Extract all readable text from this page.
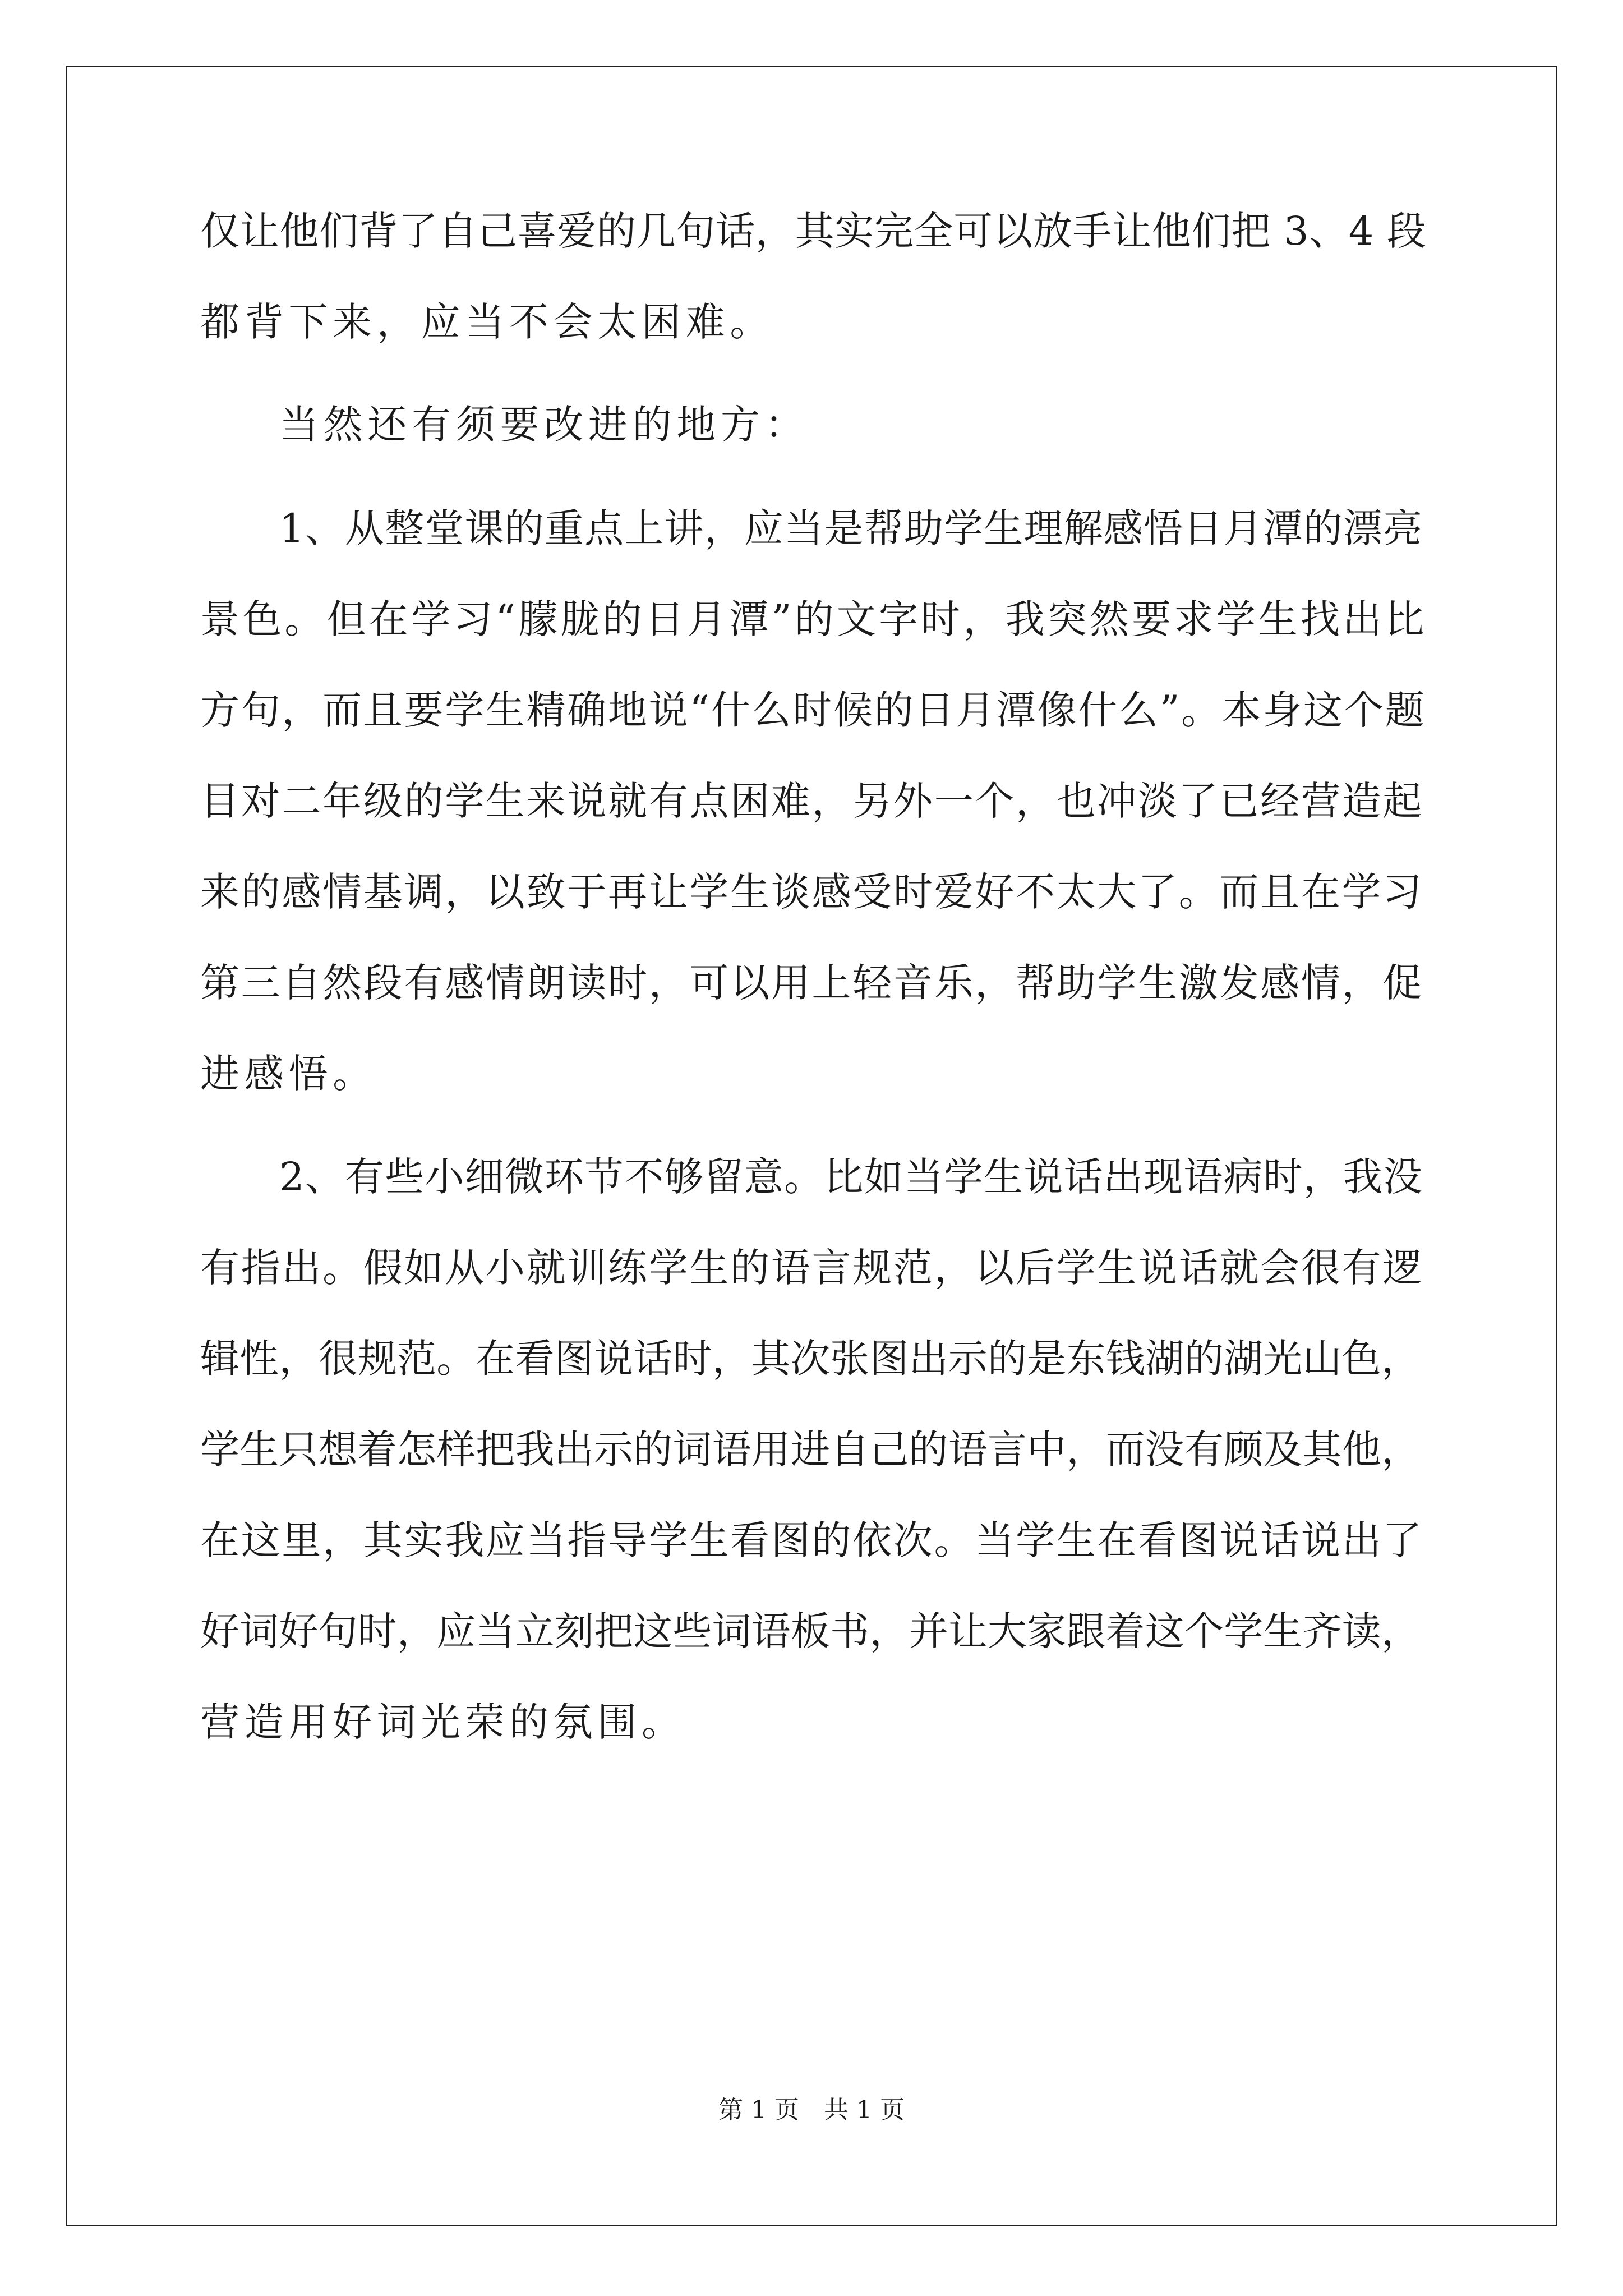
仅让他们背了自己喜爱的几句话，其实完全可以放手让他们把 3、4 段
都背下来，应当不会太困难。
当然还有须要改进的地方：
1、从整堂课的重点上讲，应当是帮助学生理解感悟日月潭的漂亮
景色。但在学习“朦胧的日月潭”的文字时，我突然要求学生找出比
方句，而且要学生精确地说“什么时候的日月潭像什么”。本身这个题
目对二年级的学生来说就有点困难，另外一个，也冲淡了已经营造起
来的感情基调，以致于再让学生谈感受时爱好不太大了。而且在学习
第三自然段有感情朗读时，可以用上轻音乐，帮助学生激发感情，促
进感悟。
2、有些小细微环节不够留意。比如当学生说话出现语病时，我没
有指出。假如从小就训练学生的语言规范，以后学生说话就会很有逻
辑性，很规范。在看图说话时，其次张图出示的是东钱湖的湖光山色，
学生只想着怎样把我出示的词语用进自己的语言中，而没有顾及其他，
在这里，其实我应当指导学生看图的依次。当学生在看图说话说出了
好词好句时，应当立刻把这些词语板书，并让大家跟着这个学生齐读，
营造用好词光荣的氛围。
第 1 页　共 1 页
